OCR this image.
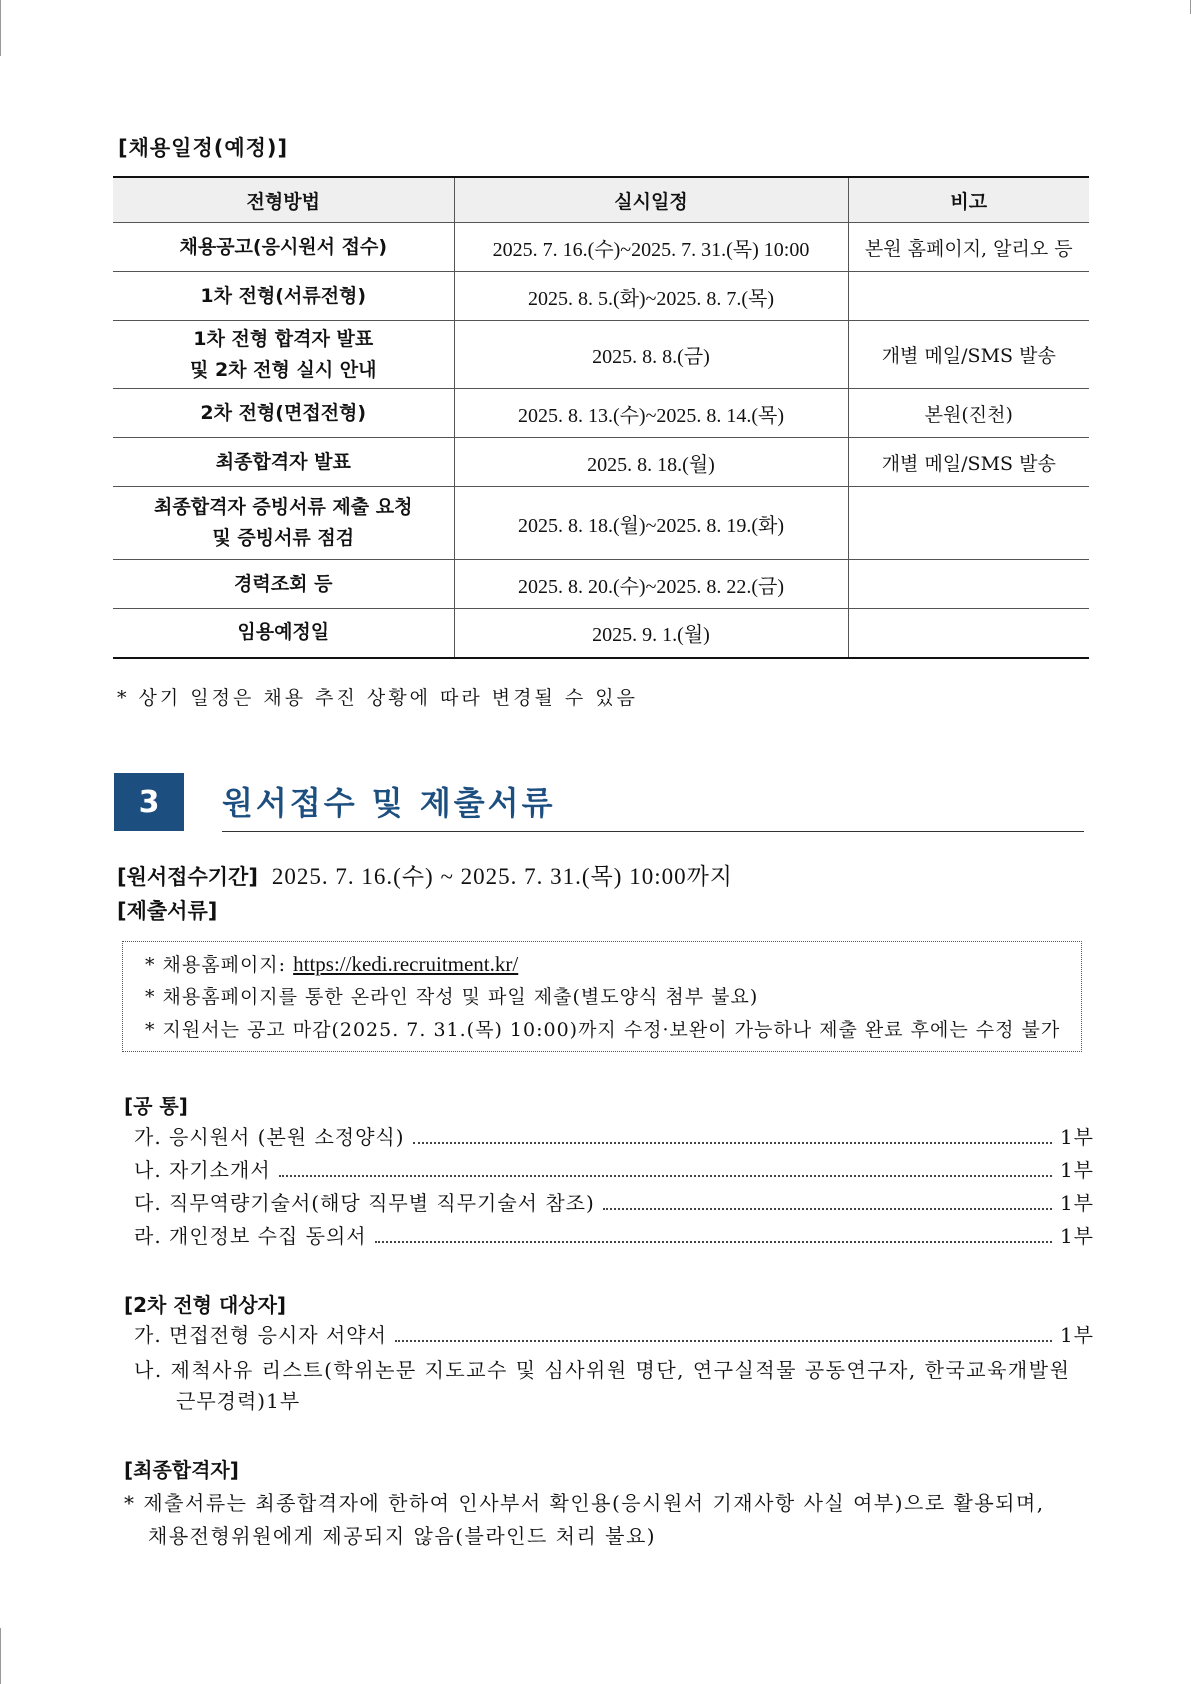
[채용일정(예정)]
전형방법	실시일정	비고
채용공고(응시원서 접수)	2025. 7. 16.(수)~2025. 7. 31.(목) 10:00	본원 홈페이지, 알리오 등
1차 전형(서류전형)	2025. 8. 5.(화)~2025. 8. 7.(목)	

1차 전형 합격자 발표
및 2차 전형 실시 안내	2025. 8. 8.(금)	개별 메일/SMS 발송
2차 전형(면접전형)	2025. 8. 13.(수)~2025. 8. 14.(목)	본원(진천)
최종합격자 발표	2025. 8. 18.(월)	개별 메일/SMS 발송

최종합격자 증빙서류 제출 요청
및 증빙서류 점검	2025. 8. 18.(월)~2025. 8. 19.(화)	
경력조회 등	2025. 8. 20.(수)~2025. 8. 22.(금)	
임용예정일	2025. 9. 1.(월)	
* 상기 일정은 채용 추진 상황에 따라 변경될 수 있음
3	원서접수 및 제출서류
[원서접수기간] 2025. 7. 16.(수) ~ 2025. 7. 31.(목) 10:00까지
[제출서류]
* 채용홈페이지: https://kedi.recruitment.kr/
* 채용홈페이지를 통한 온라인 작성 및 파일 제출(별도양식 첨부 불요)
* 지원서는 공고 마감(2025. 7. 31.(목) 10:00)까지 수정·보완이 가능하나 제출 완료 후에는 수정 불가
[공 통]
가. 응시원서 (본원 소정양식)	1부
나. 자기소개서	1부
다. 직무역량기술서(해당 직무별 직무기술서 참조)	1부
라. 개인정보 수집 동의서	1부
[2차 전형 대상자]
가. 면접전형 응시자 서약서	1부
나. 제척사유 리스트(학위논문 지도교수 및 심사위원 명단, 연구실적물 공동연구자, 한국교육개발원
근무경력) 1부
[최종합격자]
* 제출서류는 최종합격자에 한하여 인사부서 확인용(응시원서 기재사항 사실 여부)으로 활용되며,
채용전형위원에게 제공되지 않음(블라인드 처리 불요)
